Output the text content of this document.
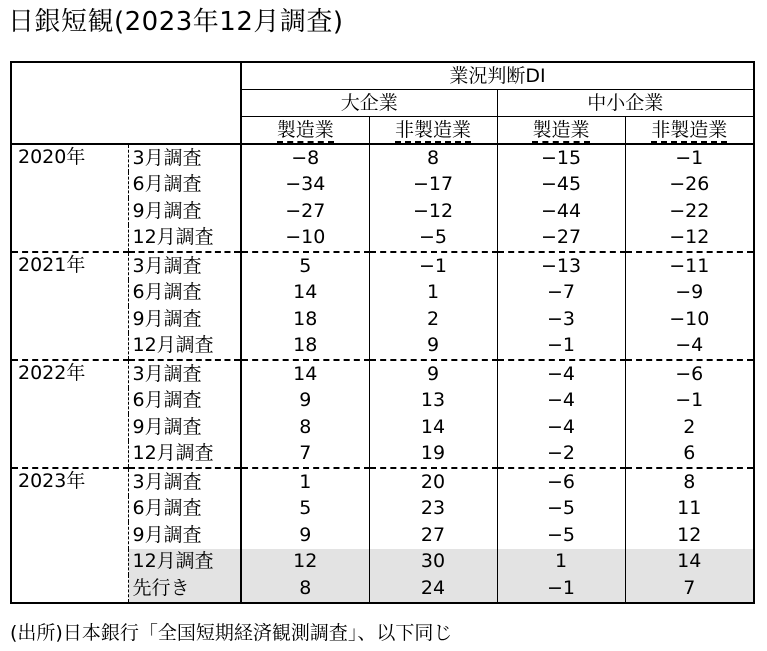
日銀短観(2023年12月調査)
		業況判断DI			
		大企業		中小企業	
		製造業	非製造業	製造業	非製造業
2020年	3月調査	−8	8	−15	−1
	6月調査	−34	−17	−45	−26
	9月調査	−27	−12	−44	−22
	12月調査	−10	−5	−27	−12
2021年	3月調査	5	−1	−13	−11
	6月調査	14	1	−7	−9
	9月調査	18	2	−3	−10
	12月調査	18	9	−1	−4
2022年	3月調査	14	9	−4	−6
	6月調査	9	13	−4	−1
	9月調査	8	14	−4	2
	12月調査	7	19	−2	6
2023年	3月調査	1	20	−6	8
	6月調査	5	23	−5	11
	9月調査	9	27	−5	12
	12月調査	12	30	1	14
	先行き	8	24	−1	7
(出所)日本銀行「全国短期経済観測調査」、以下同じ
